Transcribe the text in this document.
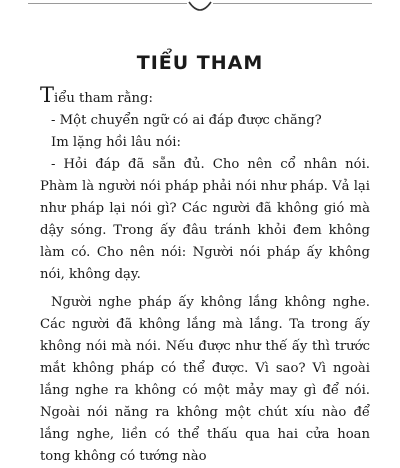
TIỂU THAM

Tiểu tham rằng:

- Một chuyển ngữ có ai đáp được chăng?

Im lặng hồi lâu nói:

- Hỏi đáp đã sẵn đủ. Cho nên cổ nhân nói. Phàm là người nói pháp phải nói như pháp. Vả lại như pháp lại nói gì? Các người đã không gió mà dậy sóng. Trong ấy đâu tránh khỏi đem không làm có. Cho nên nói: Người nói pháp ấy không nói, không dạy.

Người nghe pháp ấy không lắng không nghe. Các người đã không lắng mà lắng. Ta trong ấy không nói mà nói. Nếu được như thế ấy thì trước mắt không pháp có thể được. Vì sao? Vì ngoài lắng nghe ra không có một mảy may gì để nói. Ngoài nói năng ra không một chút xíu nào để lắng nghe, liền có thể thấu qua hai cửa hoan tong không có tướng nào
